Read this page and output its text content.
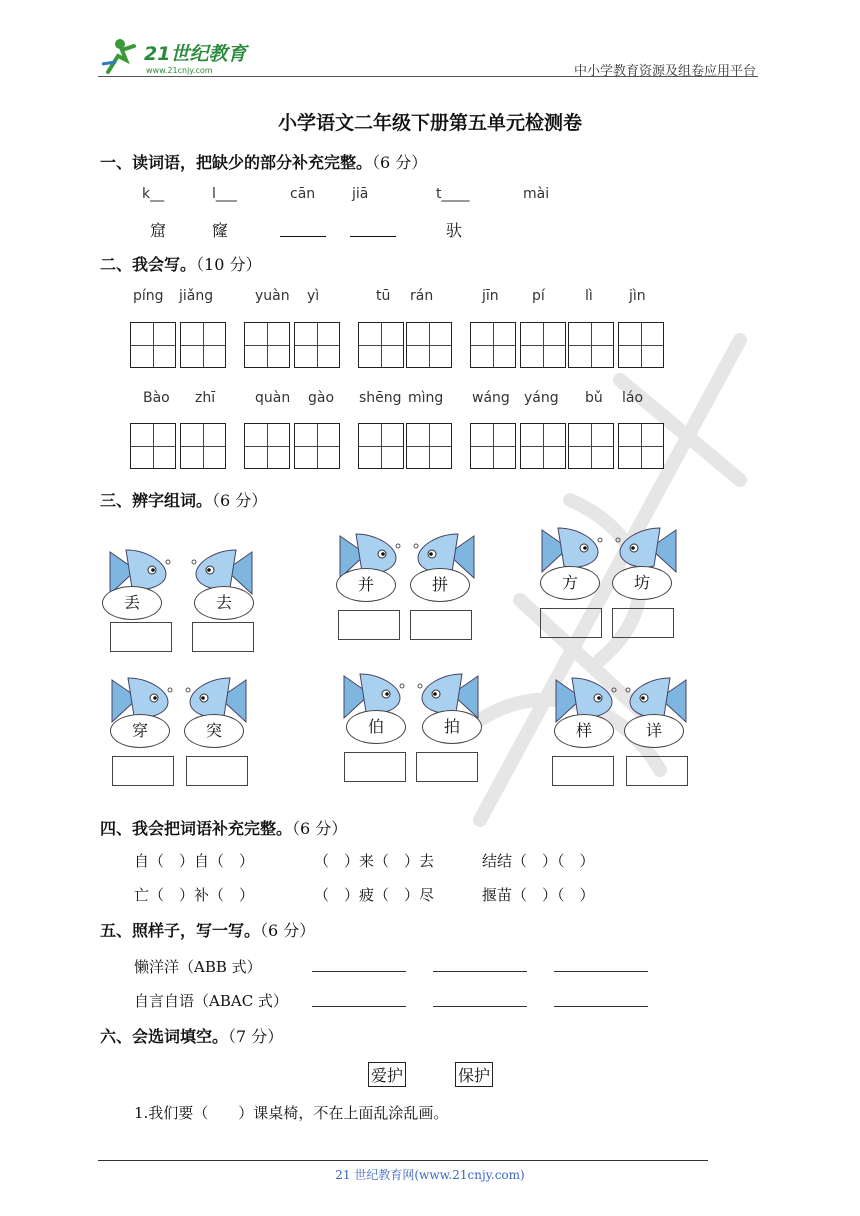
21世纪教育
www.21cnjy.com	中小学教育资源及组卷应用平台
小学语文二年级下册第五单元检测卷
一、读词语，把缺少的部分补充完整。（6 分）
k__	l___	cān	jiā	t____	mài
窟	窿	驮
二、我会写。（10 分）
píng jiǎng	yuàn yì	tū rán	jīn pí	lì	jìn
Bào zhī	quàn gào shēng mìng wáng yáng bǔ láo
三、辨字组词。（6 分）
丢	去
并	拼	方	坊
穿	突	伯	拍	样	详
四、我会把词语补充完整。（6 分）
自（　）自（　）	（　）来（　）去	结结（　）（　）
亡（　）补（　）	（　）疲（　）尽	揠苗（　）（　）
五、照样子，写一写。（6 分）
懒洋洋（ABB 式）
自言自语（ABAC 式）
六、会选词填空。（7 分）
爱护	保护
1.我们要（　　）课桌椅，不在上面乱涂乱画。
21 世纪教育网(www.21cnjy.com)
